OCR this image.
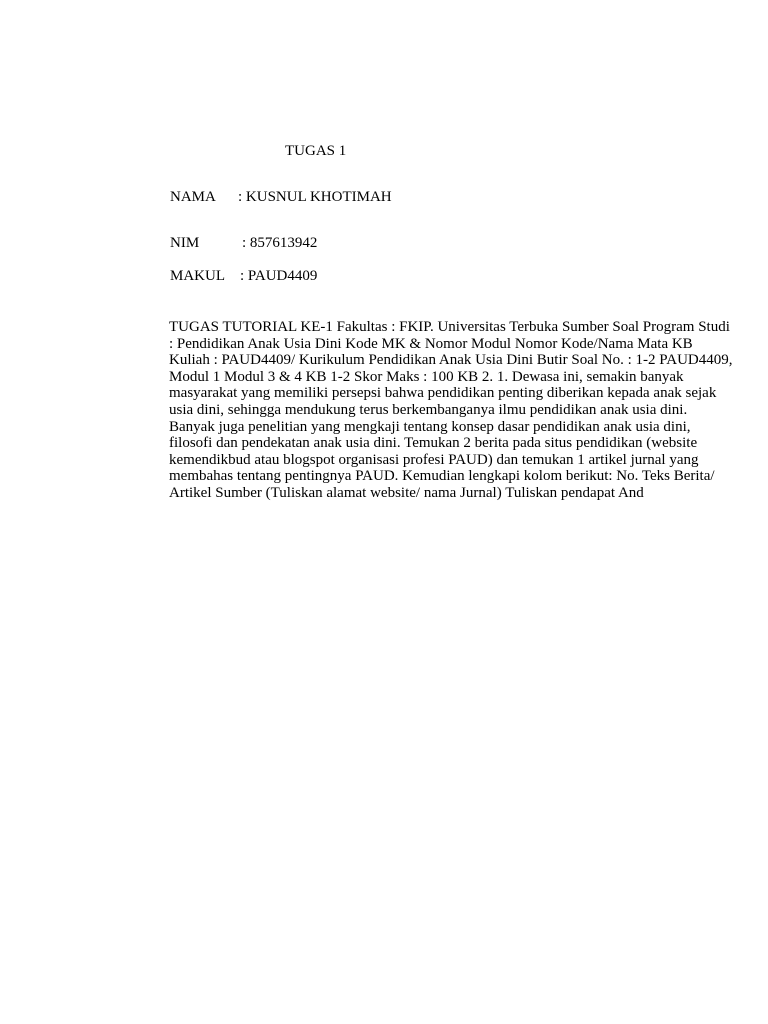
TUGAS 1
NAMA : KUSNUL KHOTIMAH
NIM	: 857613942
MAKUL : PAUD4409
TUGAS TUTORIAL KE-1 Fakultas : FKIP. Universitas Terbuka Sumber Soal Program Studi
: Pendidikan Anak Usia Dini Kode MK & Nomor Modul Nomor Kode/Nama Mata KB
Kuliah : PAUD4409/ Kurikulum Pendidikan Anak Usia Dini Butir Soal No. : 1-2 PAUD4409,
Modul 1 Modul 3 & 4 KB 1-2 Skor Maks : 100 KB 2. 1. Dewasa ini, semakin banyak
masyarakat yang memiliki persepsi bahwa pendidikan penting diberikan kepada anak sejak
usia dini, sehingga mendukung terus berkembanganya ilmu pendidikan anak usia dini.
Banyak juga penelitian yang mengkaji tentang konsep dasar pendidikan anak usia dini,
filosofi dan pendekatan anak usia dini. Temukan 2 berita pada situs pendidikan (website
kemendikbud atau blogspot organisasi profesi PAUD) dan temukan 1 artikel jurnal yang
membahas tentang pentingnya PAUD. Kemudian lengkapi kolom berikut: No. Teks Berita/
Artikel Sumber (Tuliskan alamat website/ nama Jurnal) Tuliskan pendapat And
